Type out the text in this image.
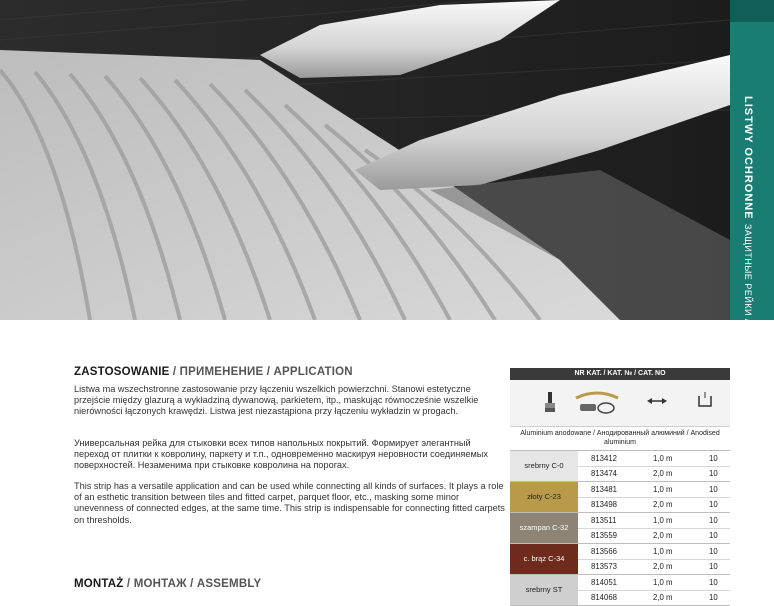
LISTWY OCHRONNE ЗАЩИТНЫЕ РЕЙКИ / TRANSITION STRIPS
ZASTOSOWANIE / ПРИМЕНЕНИЕ / APPLICATION
Listwa ma wszechstronne zastosowanie przy łączeniu wszelkich powierzchni. Stanowi estetyczne przejście między glazurą a wykładziną dywanową, parkietem, itp., maskując równocześnie wszelkie nierówności łączonych krawędzi. Listwa jest niezastąpiona przy łączeniu wykładzin w progach.
Универсальная рейка для стыковки всех типов напольных покрытий. Формирует элегантный переход от плитки к ковролину, паркету и т.п., одновременно маскируя неровности соединяемых поверхностей. Незаменима при стыковке ковролина на порогах.
This strip has a versatile application and can be used while connecting all kinds of surfaces. It plays a role of an esthetic transition between tiles and fitted carpet, parquet floor, etc., masking some minor unevenness of connected edges, at the same time. This strip is indispensable for connecting fitted carpets on thresholds.
MONTAŻ / МОНТАЖ / ASSEMBLY
NR KAT. / KAT. № / CAT. NO
Aluminium anodowane / Анодированный алюминий / Anodised aluminium
srebrny C-0
813412	1,0 m	10
813474	2,0 m	10
złoty C-23
813481	1,0 m	10
813498	2,0 m	10
szampan C-32
813511	1,0 m	10
813559	2,0 m	10
c. brąz C-34
813566	1,0 m	10
813573	2,0 m	10
srebrny ST
814051	1,0 m	10
814068	2,0 m	10
